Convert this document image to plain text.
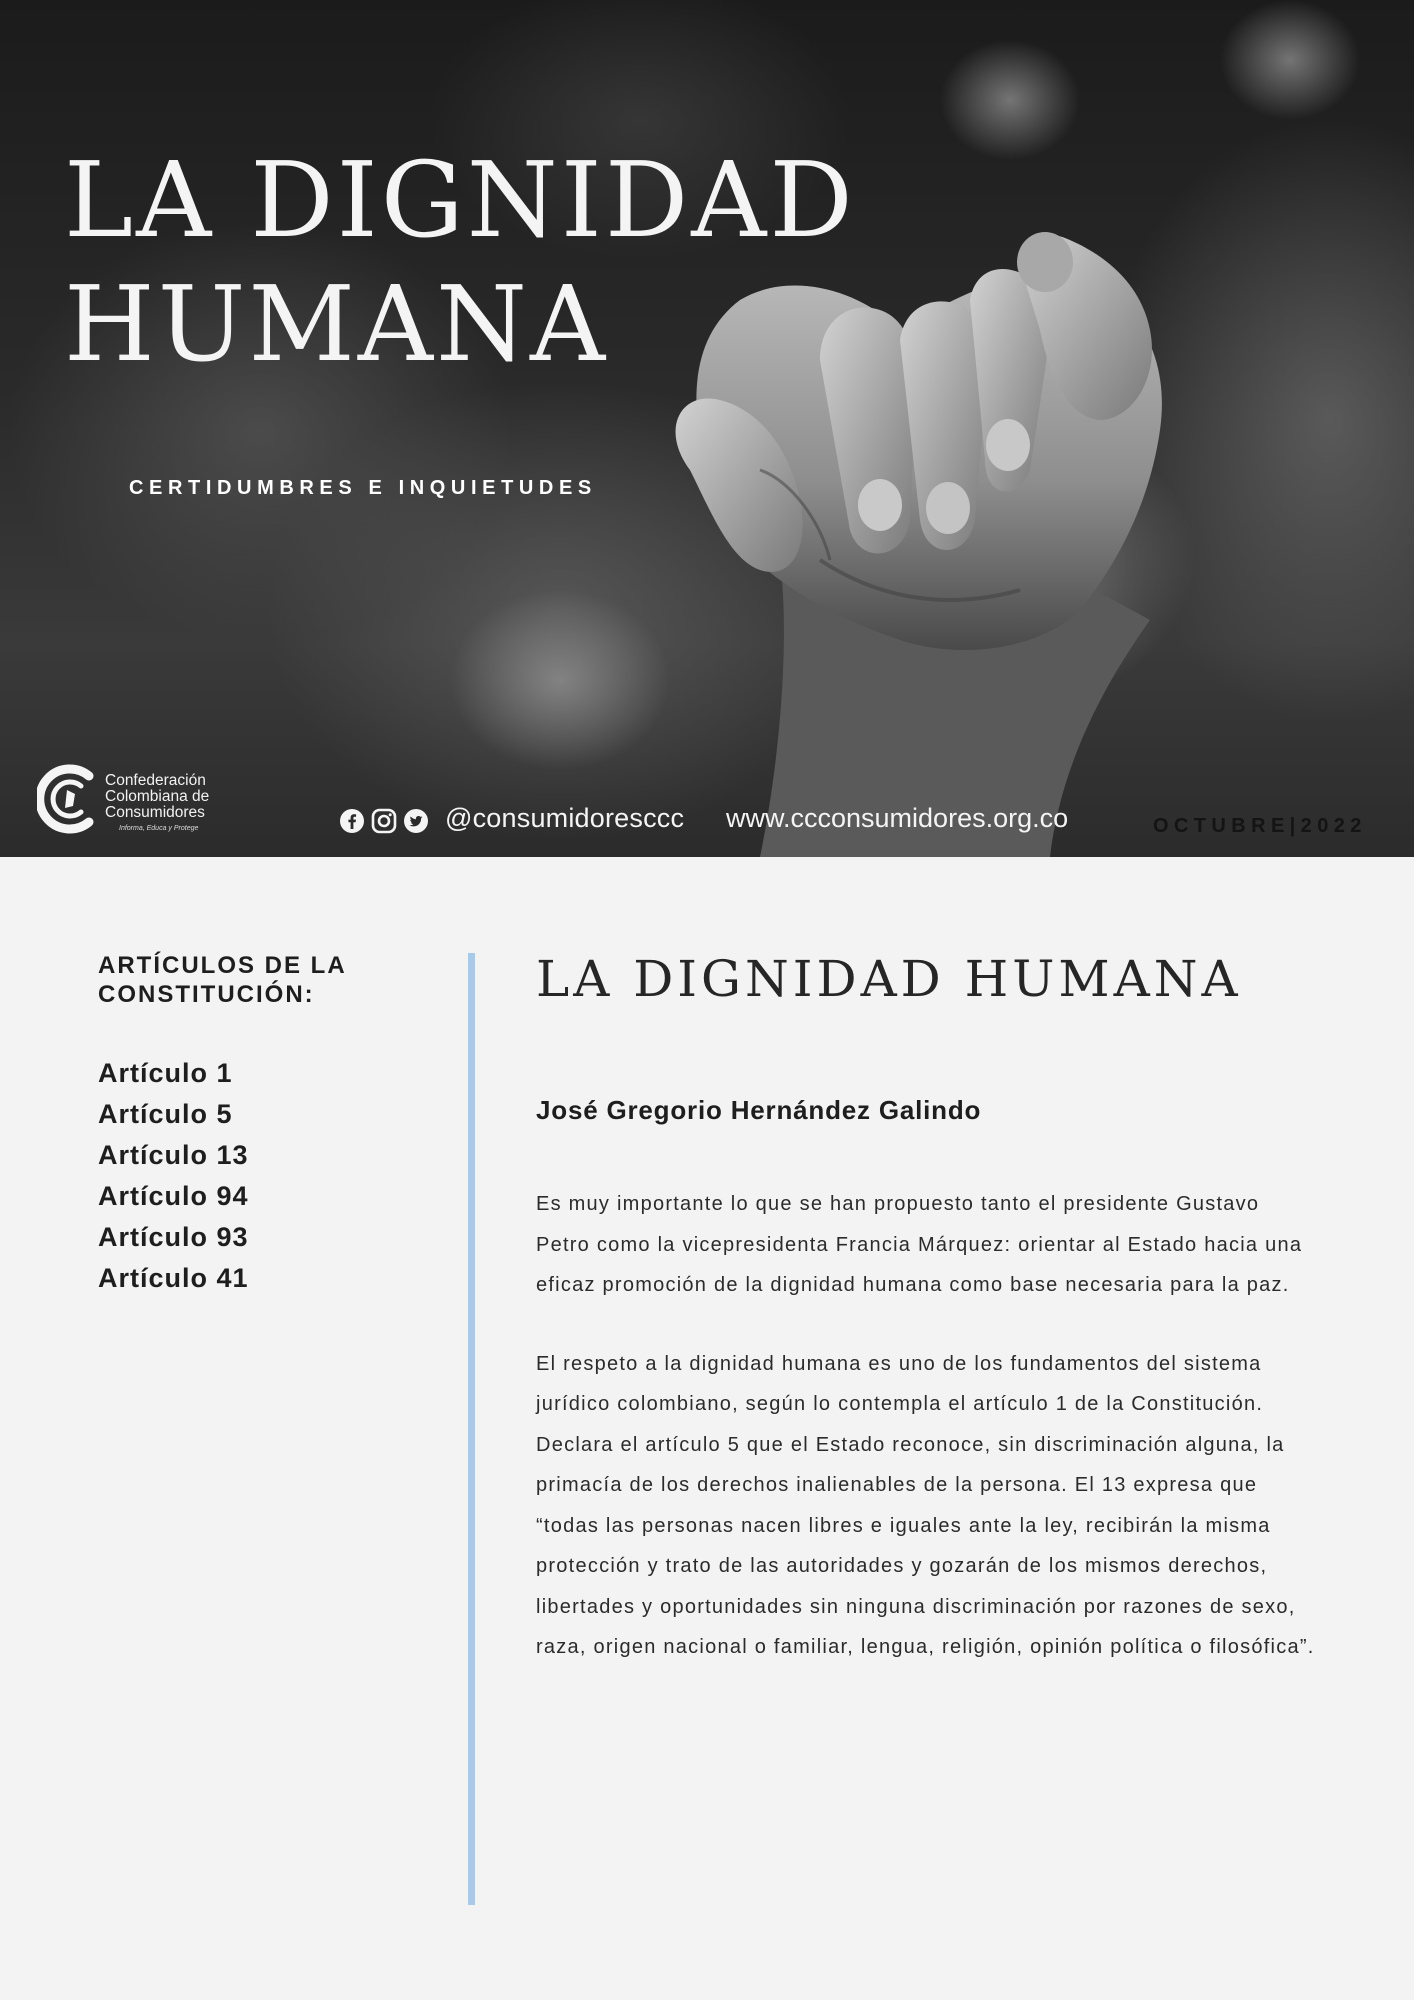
LA DIGNIDAD
HUMANA
CERTIDUMBRES E INQUIETUDES
Confederación
Colombiana de
Consumidores
Informa, Educa y Protege	@consumidoresccc www.ccconsumidores.org.co	OCTUBRE|2022
ARTÍCULOS DE LA
CONSTITUCIÓN:
Artículo 1
Artículo 5
Artículo 13
Artículo 94
Artículo 93
Artículo 41
LA DIGNIDAD HUMANA
José Gregorio Hernández Galindo

Es muy importante lo que se han propuesto tanto el presidente Gustavo Petro como la vicepresidenta Francia Márquez: orientar al Estado hacia una eficaz promoción de la dignidad humana como base necesaria para la paz.

El respeto a la dignidad humana es uno de los fundamentos del sistema jurídico colombiano, según lo contempla el artículo 1 de la Constitución. Declara el artículo 5 que el Estado reconoce, sin discriminación alguna, la primacía de los derechos inalienables de la persona. El 13 expresa que “todas las personas nacen libres e iguales ante la ley, recibirán la misma protección y trato de las autoridades y gozarán de los mismos derechos, libertades y oportunidades sin ninguna discriminación por razones de sexo, raza, origen nacional o familiar, lengua, religión, opinión política o filosófica”.
